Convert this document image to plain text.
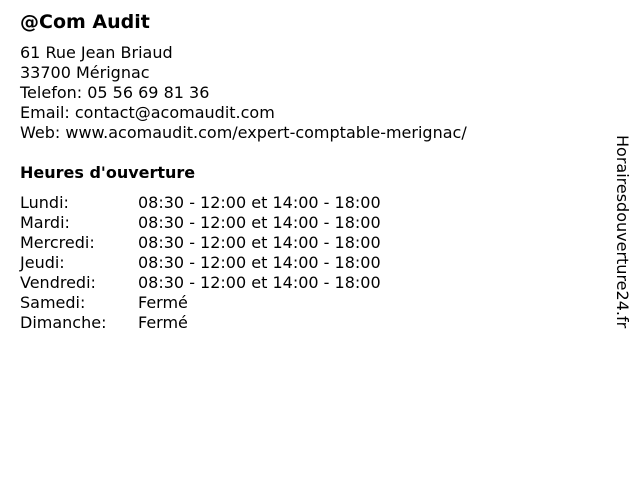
@Com Audit
61 Rue Jean Briaud
33700 Mérignac
Telefon: 05 56 69 81 36
Email: contact@acomaudit.com
Web: www.acomaudit.com/expert-comptable-merignac/
Heures d'ouverture
Lundi:	08:30 - 12:00 et 14:00 - 18:00
Mardi:	08:30 - 12:00 et 14:00 - 18:00
Mercredi:	08:30 - 12:00 et 14:00 - 18:00
Jeudi:	08:30 - 12:00 et 14:00 - 18:00
Vendredi:	08:30 - 12:00 et 14:00 - 18:00
Samedi:	Fermé
Dimanche: Fermé	Horairesdouverture24.fr
